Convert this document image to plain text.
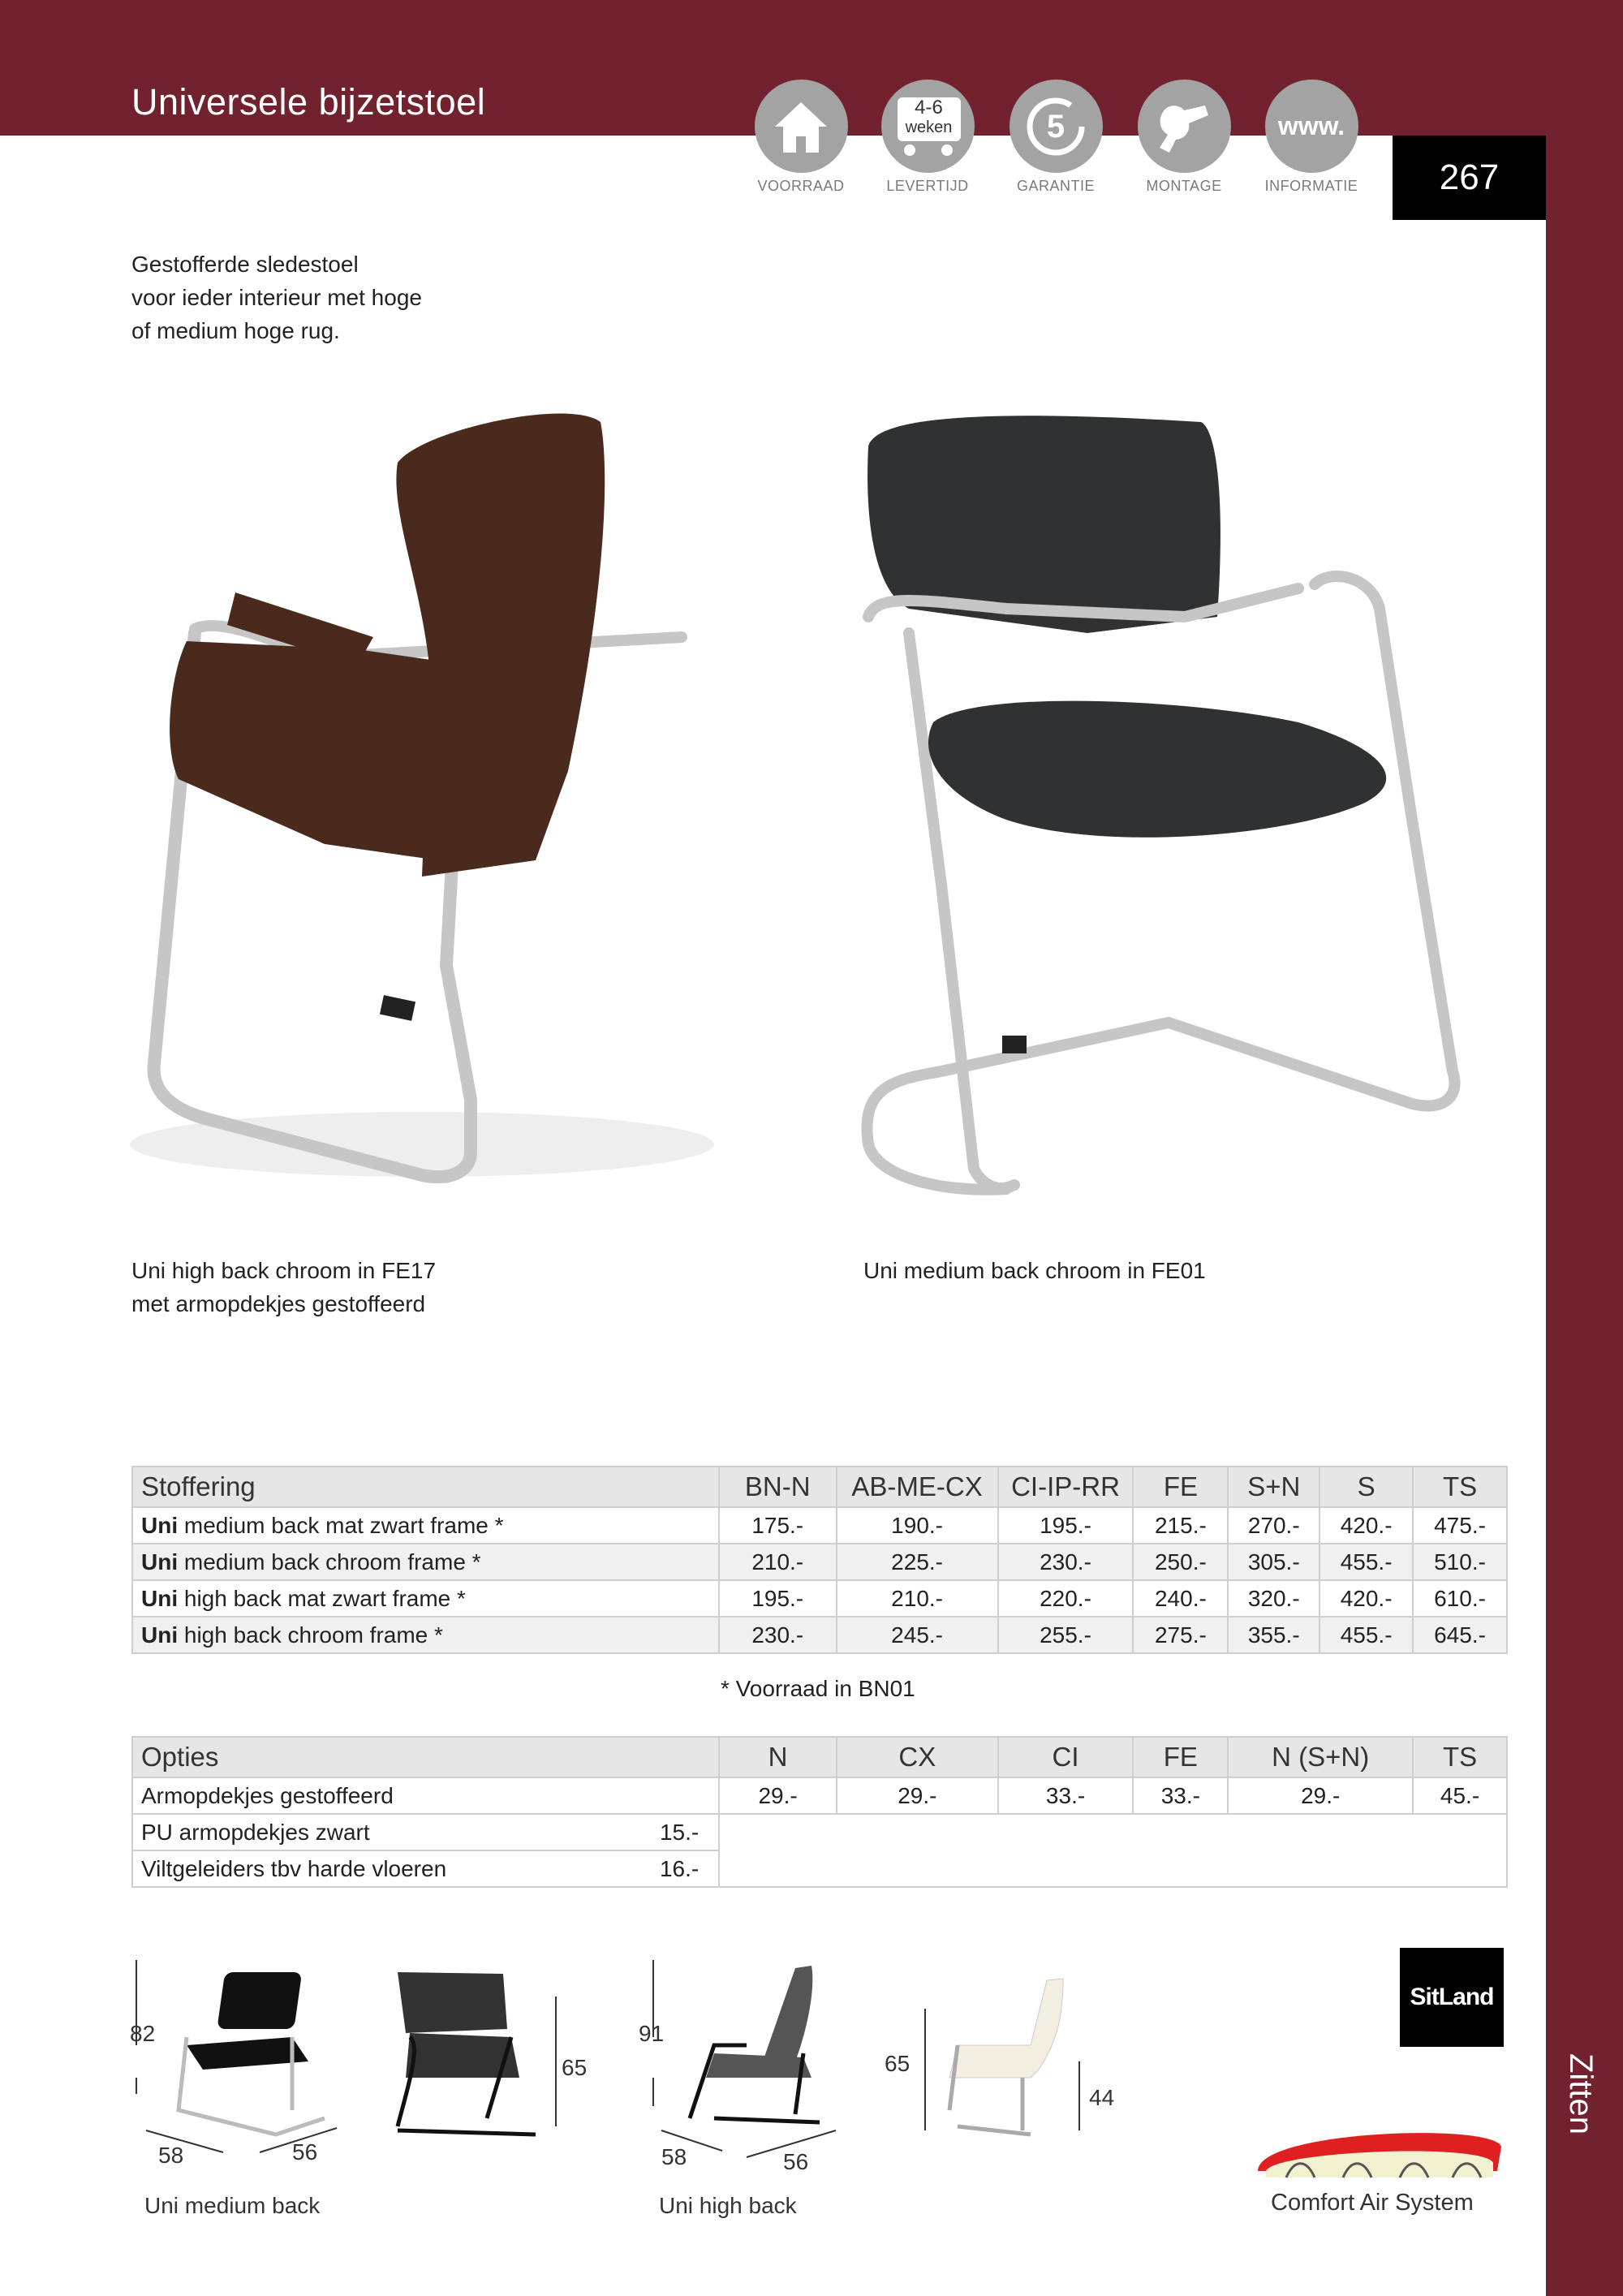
Universele bijzetstoel
267
VOORRAAD
4-6
weken
LEVERTIJD
5
GARANTIE	MONTAGE
www.
INFORMATIE
Gestofferde sledestoel
voor ieder interieur met hoge
of medium hoge rug.
Uni high back chroom in FE17
met armopdekjes gestoffeerd
Uni medium back chroom in FE01
Stoffering	BN-N	AB-ME-CX	CI-IP-RR	FE	S+N	S	TS
Uni medium back mat zwart frame *	175.-	190.-	195.-	215.-	270.-	420.-	475.-
Uni medium back chroom frame *	210.-	225.-	230.-	250.-	305.-	455.-	510.-
Uni high back mat zwart frame *	195.-	210.-	220.-	240.-	320.-	420.-	610.-
Uni high back chroom frame *	230.-	245.-	255.-	275.-	355.-	455.-	645.-
* Voorraad in BN01
Opties	N	CX	CI	FE	N (S+N)	TS
Armopdekjes gestoffeerd	29.-	29.-	33.-	33.-	29.-	45.-
PU armopdekjes zwart 15.-						

Viltgeleiders tbv harde vloeren 16.-						
82
58	56
65
Uni medium back
91
58	56
65
44
Uni high back
SitLand
Comfort Air System
Zitten
